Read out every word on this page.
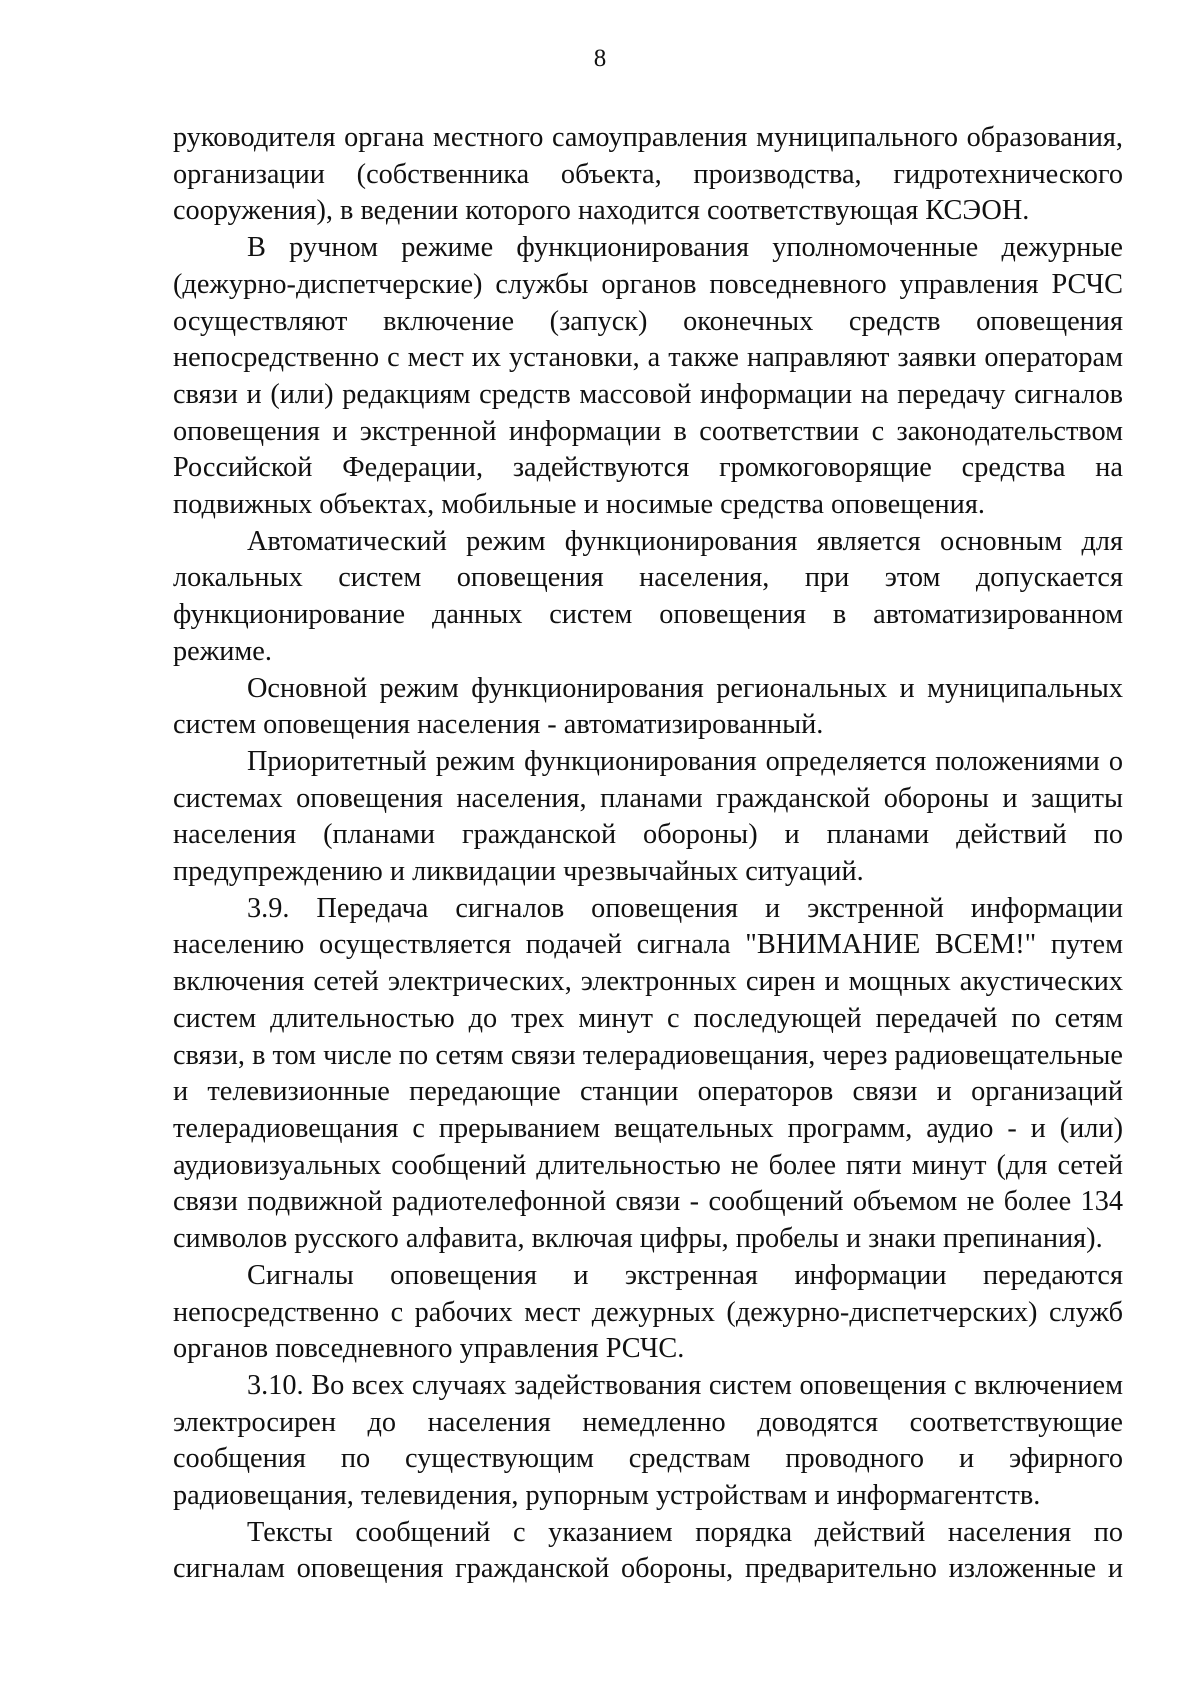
8

руководителя органа местного самоуправления муниципального образования, организации (собственника объекта, производства, гидротехнического сооружения), в ведении которого находится соответствующая КСЭОН.

В ручном режиме функционирования уполномоченные дежурные (дежурно-диспетчерские) службы органов повседневного управления РСЧС осуществляют включение (запуск) оконечных средств оповещения непосредственно с мест их установки, а также направляют заявки операторам связи и (или) редакциям средств массовой информации на передачу сигналов оповещения и экстренной информации в соответствии с законодательством Российской Федерации, задействуются громкоговорящие средства на подвижных объектах, мобильные и носимые средства оповещения.

Автоматический режим функционирования является основным для локальных систем оповещения населения, при этом допускается функционирование данных систем оповещения в автоматизированном режиме.

Основной режим функционирования региональных и муниципальных систем оповещения населения - автоматизированный.

Приоритетный режим функционирования определяется положениями о системах оповещения населения, планами гражданской обороны и защиты населения (планами гражданской обороны) и планами действий по предупреждению и ликвидации чрезвычайных ситуаций.

3.9. Передача сигналов оповещения и экстренной информации населению осуществляется подачей сигнала "ВНИМАНИЕ ВСЕМ!" путем включения сетей электрических, электронных сирен и мощных акустических систем длительностью до трех минут с последующей передачей по сетям связи, в том числе по сетям связи телерадиовещания, через радиовещательные и телевизионные передающие станции операторов связи и организаций телерадиовещания с прерыванием вещательных программ, аудио - и (или) аудиовизуальных сообщений длительностью не более пяти минут (для сетей связи подвижной радиотелефонной связи - сообщений объемом не более 134 символов русского алфавита, включая цифры, пробелы и знаки препинания).

Сигналы оповещения и экстренная информации передаются непосредственно с рабочих мест дежурных (дежурно-диспетчерских) служб органов повседневного управления РСЧС.

3.10. Во всех случаях задействования систем оповещения с включением электросирен до населения немедленно доводятся соответствующие сообщения по существующим средствам проводного и эфирного радиовещания, телевидения, рупорным устройствам и информагентств.

Тексты сообщений с указанием порядка действий населения по сигналам оповещения гражданской обороны, предварительно изложенные и
